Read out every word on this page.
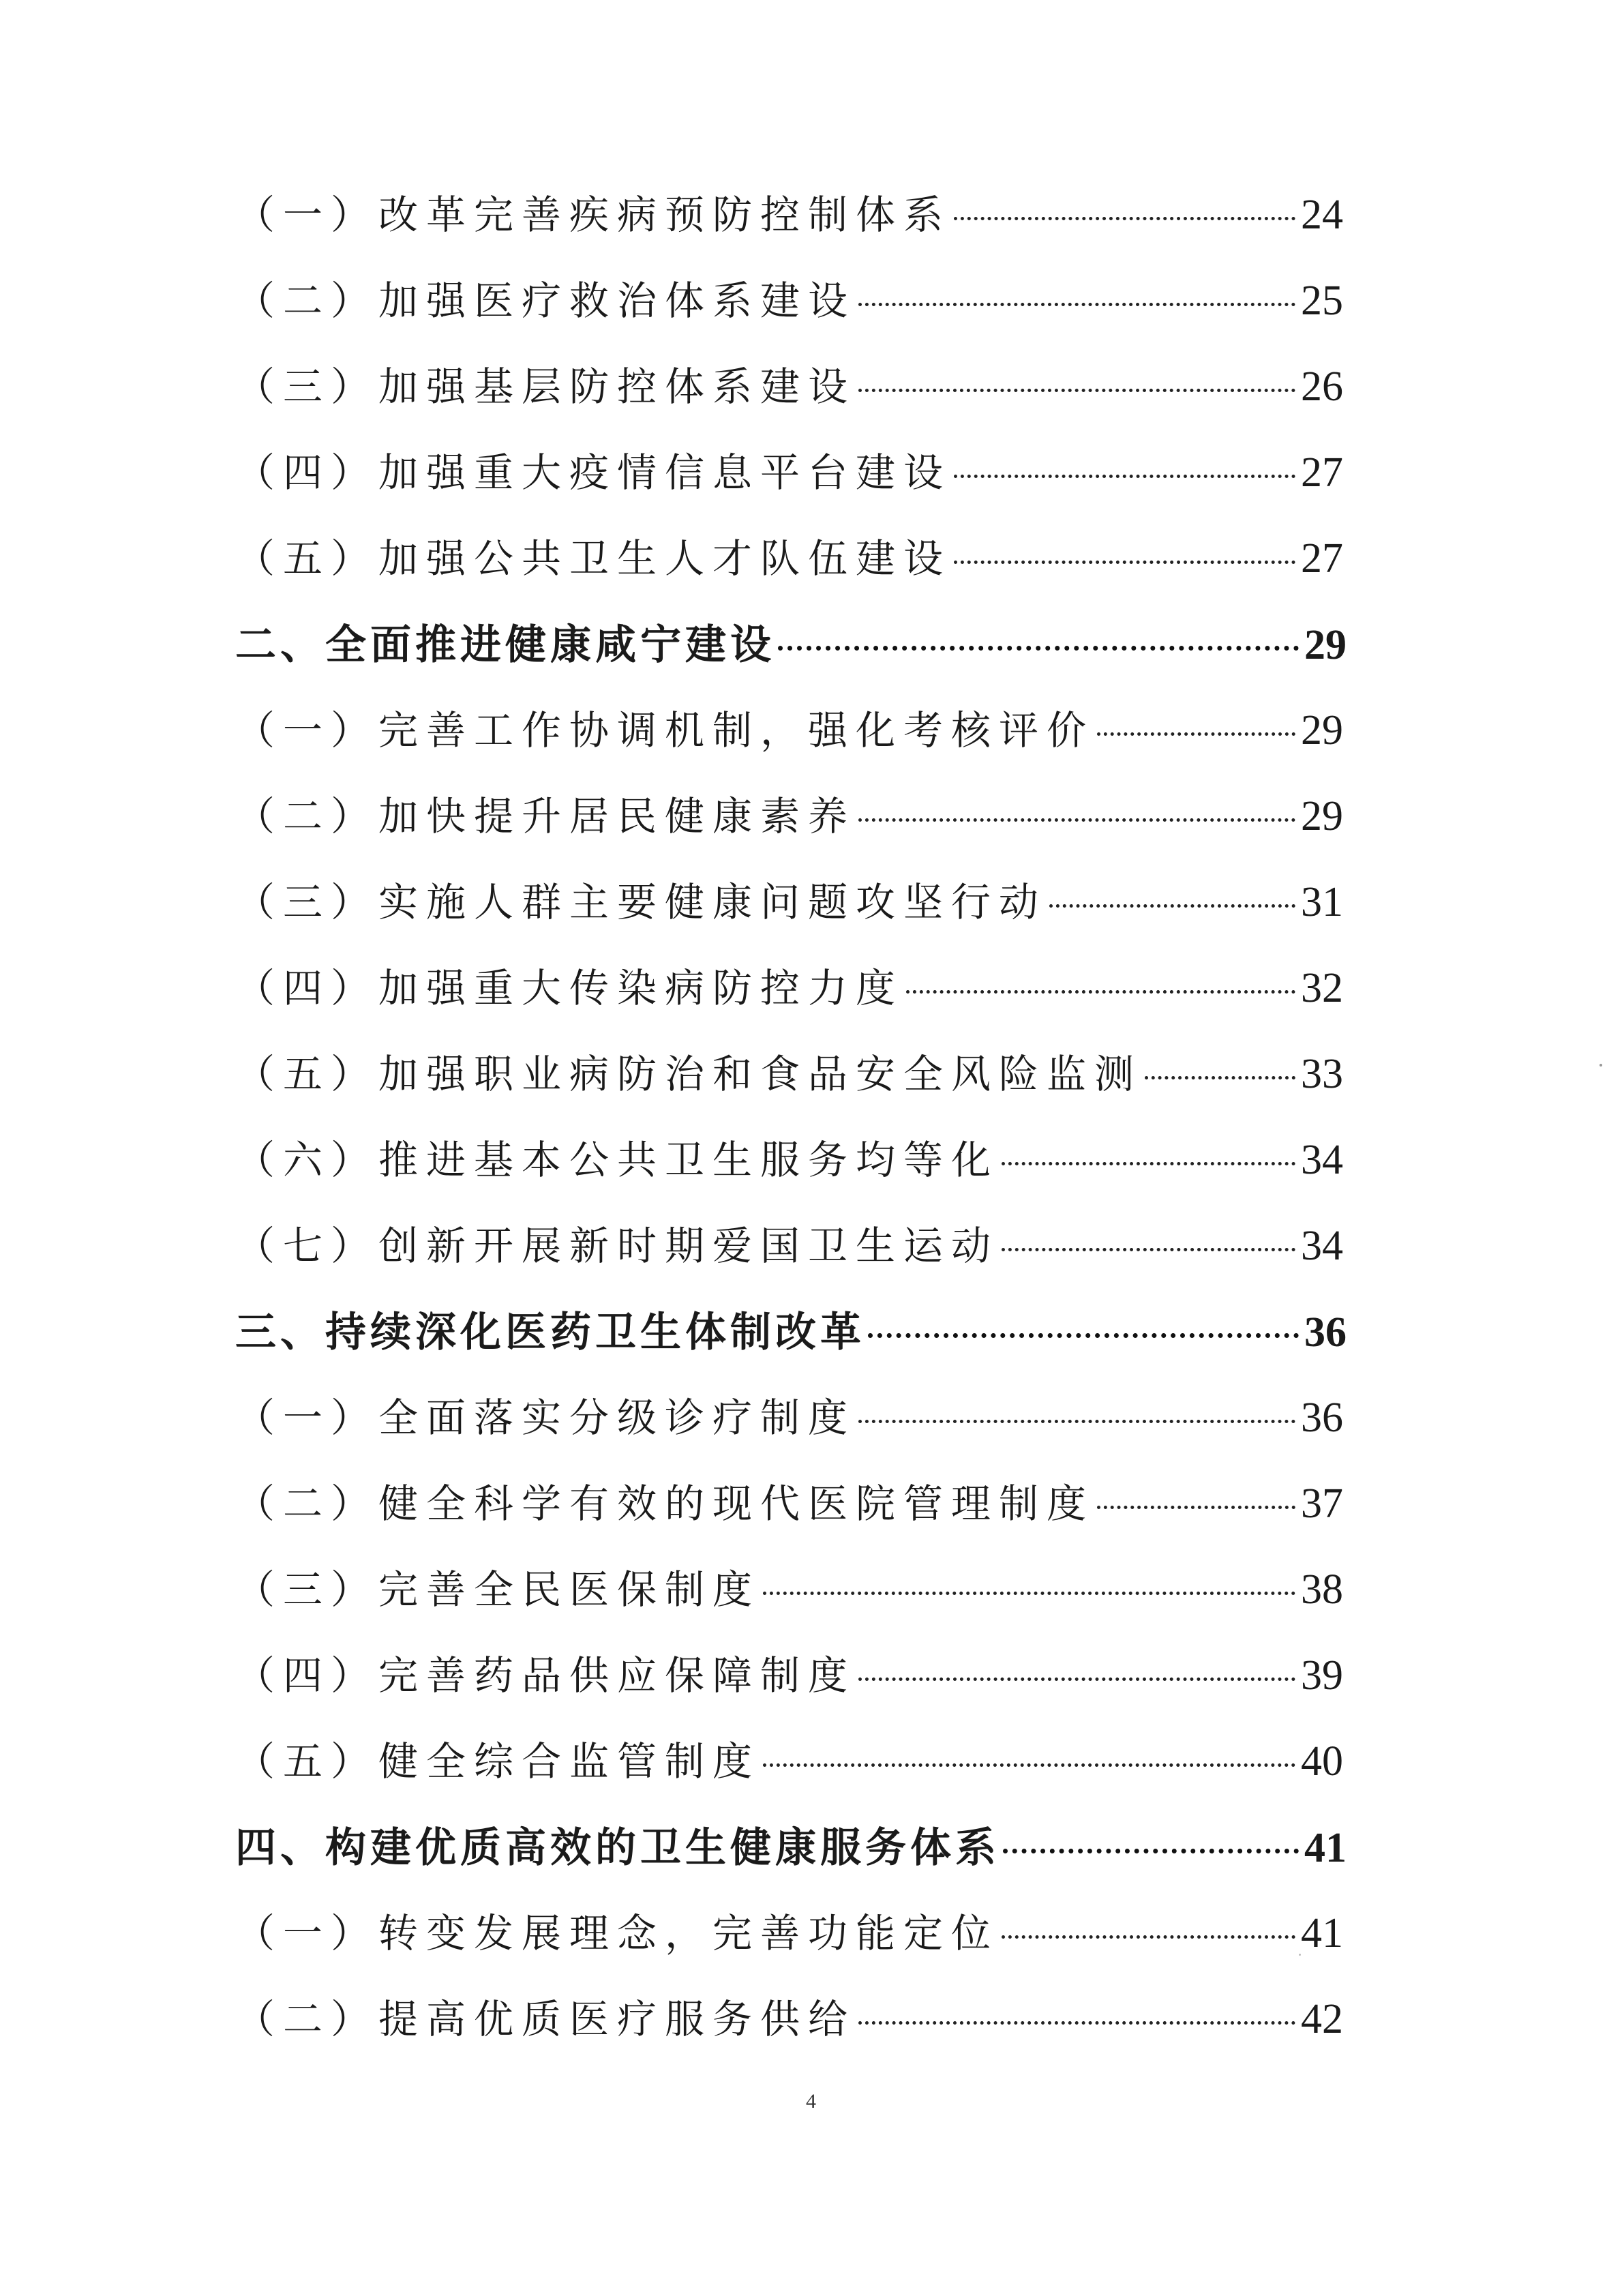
（一）改革完善疾病预防控制体系	24
（二）加强医疗救治体系建设	25
（三）加强基层防控体系建设	26
（四）加强重大疫情信息平台建设	27
（五）加强公共卫生人才队伍建设	27
二、全面推进健康咸宁建设	29
（一）完善工作协调机制，强化考核评价	29
（二）加快提升居民健康素养	29
（三）实施人群主要健康问题攻坚行动	31
（四）加强重大传染病防控力度	32
（五）加强职业病防治和食品安全风险监测	33
（六）推进基本公共卫生服务均等化	34
（七）创新开展新时期爱国卫生运动	34
三、持续深化医药卫生体制改革	36
（一）全面落实分级诊疗制度	36
（二）健全科学有效的现代医院管理制度	37
（三）完善全民医保制度	38
（四）完善药品供应保障制度	39
（五）健全综合监管制度	40
四、构建优质高效的卫生健康服务体系	41
（一）转变发展理念，完善功能定位	41
（二）提高优质医疗服务供给	42
4
